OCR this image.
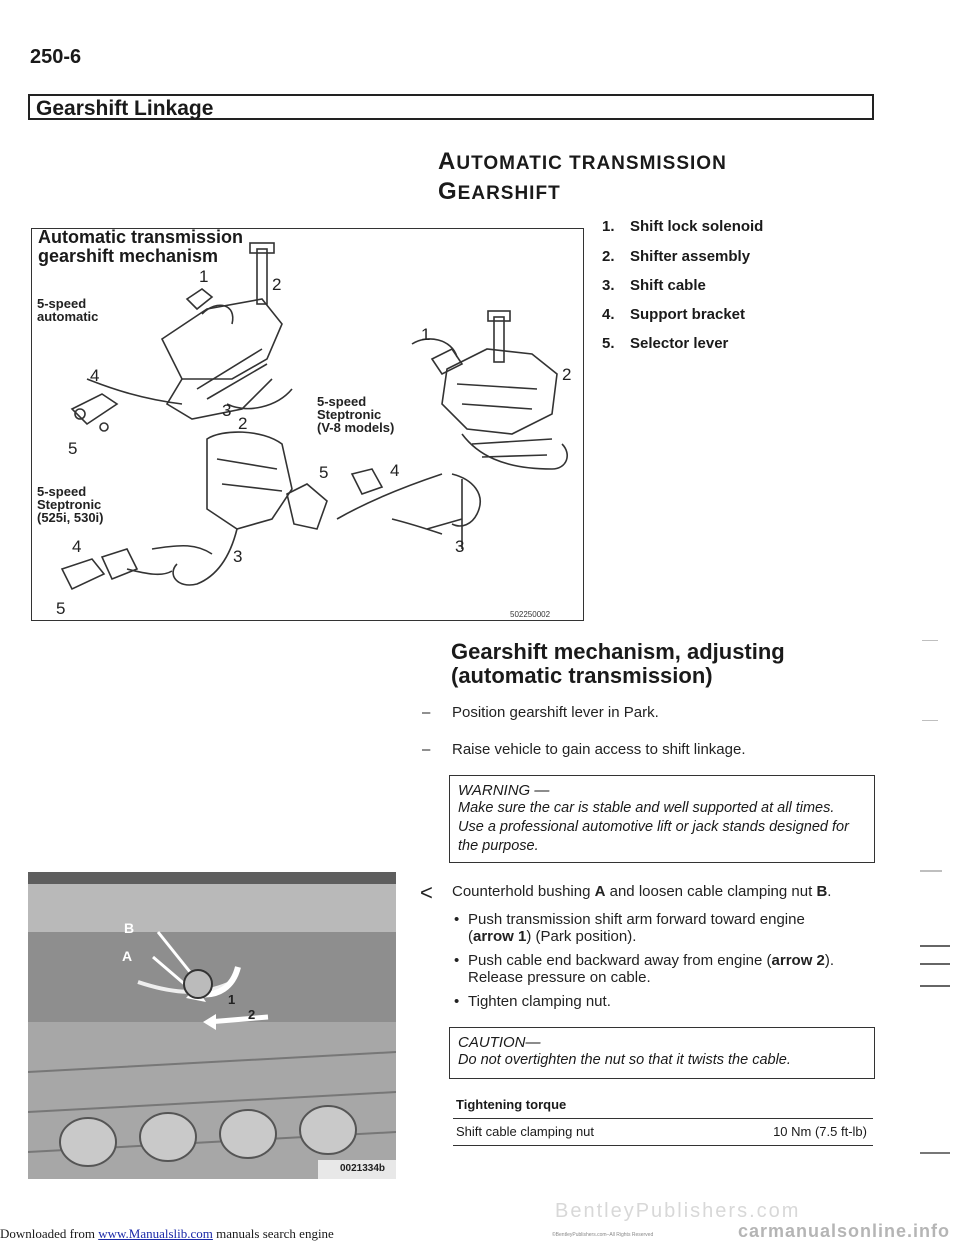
250-6
Gearshift Linkage
AUTOMATIC TRANSMISSION
GEARSHIFT
5-speed
automatic
5-speed
Steptronic
(V-8 models)
5-speed
Steptronic
(525i, 530i)
1	2
4
5
3
2
1
2
5	4
3
4
5
3
502250002
Automatic transmission
gearshift mechanism
1. Shift lock solenoid
2. Shifter assembly
3. Shift cable
4. Support bracket
5. Selector lever
Gearshift mechanism, adjusting
(automatic transmission)
– Position gearshift lever in Park.
– Raise vehicle to gain access to shift linkage.
WARNING —
Make sure the car is stable and well supported at all times.
Use a professional automotive lift or jack stands designed for
the purpose.
B
A
1
2
0021334b
< Counterhold bushing A and loosen cable clamping nut B.
• Push transmission shift arm forward toward engine
(arrow 1) (Park position).
• Push cable end backward away from engine (arrow 2).
Release pressure on cable.
• Tighten clamping nut.
CAUTION—
Do not overtighten the nut so that it twists the cable.
Tightening torque
Shift cable clamping nut	10 Nm (7.5 ft-lb)
BentleyPublishers.com
©BentleyPublishers.com–All Rights Reserved
Downloaded from www.Manualslib.com manuals search engine	carmanualsonline.info
